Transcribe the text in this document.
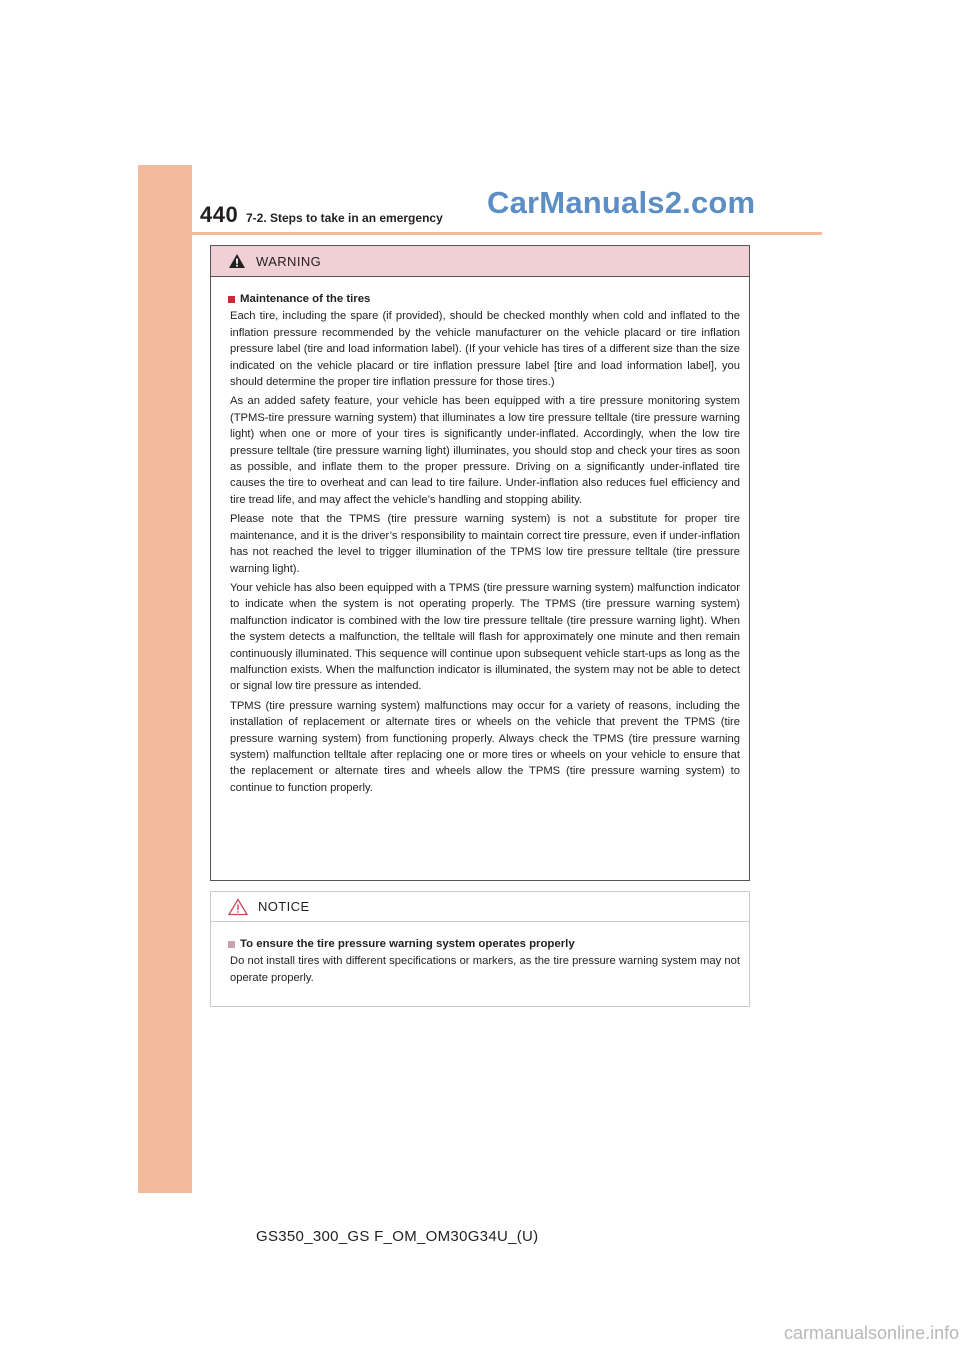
440 7-2. Steps to take in an emergency CarManuals2.com
WARNING
Maintenance of the tires

Each tire, including the spare (if provided), should be checked monthly when cold and inflated to the inflation pressure recommended by the vehicle manufacturer on the vehicle placard or tire inflation pressure label (tire and load information label). (If your vehicle has tires of a different size than the size indicated on the vehicle placard or tire inflation pressure label [tire and load information label], you should determine the proper tire inflation pressure for those tires.)

As an added safety feature, your vehicle has been equipped with a tire pressure monitoring system (TPMS-tire pressure warning system) that illuminates a low tire pressure telltale (tire pressure warning light) when one or more of your tires is significantly under-inflated. Accordingly, when the low tire pressure telltale (tire pressure warning light) illuminates, you should stop and check your tires as soon as possible, and inflate them to the proper pressure. Driving on a significantly under-inflated tire causes the tire to overheat and can lead to tire failure. Under-inflation also reduces fuel efficiency and tire tread life, and may affect the vehicle’s handling and stopping ability.

Please note that the TPMS (tire pressure warning system) is not a substitute for proper tire maintenance, and it is the driver’s responsibility to maintain correct tire pressure, even if under-inflation has not reached the level to trigger illumination of the TPMS low tire pressure telltale (tire pressure warning light).

Your vehicle has also been equipped with a TPMS (tire pressure warning system) malfunction indicator to indicate when the system is not operating properly. The TPMS (tire pressure warning system) malfunction indicator is combined with the low tire pressure telltale (tire pressure warning light). When the system detects a malfunction, the telltale will flash for approximately one minute and then remain continuously illuminated. This sequence will continue upon subsequent vehicle start-ups as long as the malfunction exists. When the malfunction indicator is illuminated, the system may not be able to detect or signal low tire pressure as intended.

TPMS (tire pressure warning system) malfunctions may occur for a variety of reasons, including the installation of replacement or alternate tires or wheels on the vehicle that prevent the TPMS (tire pressure warning system) from functioning properly. Always check the TPMS (tire pressure warning system) malfunction telltale after replacing one or more tires or wheels on your vehicle to ensure that the replacement or alternate tires and wheels allow the TPMS (tire pressure warning system) to continue to function properly.

NOTICE
To ensure the tire pressure warning system operates properly

Do not install tires with different specifications or markers, as the tire pressure warning system may not operate properly.

GS350_300_GS F_OM_OM30G34U_(U)
carmanualsonline.info
